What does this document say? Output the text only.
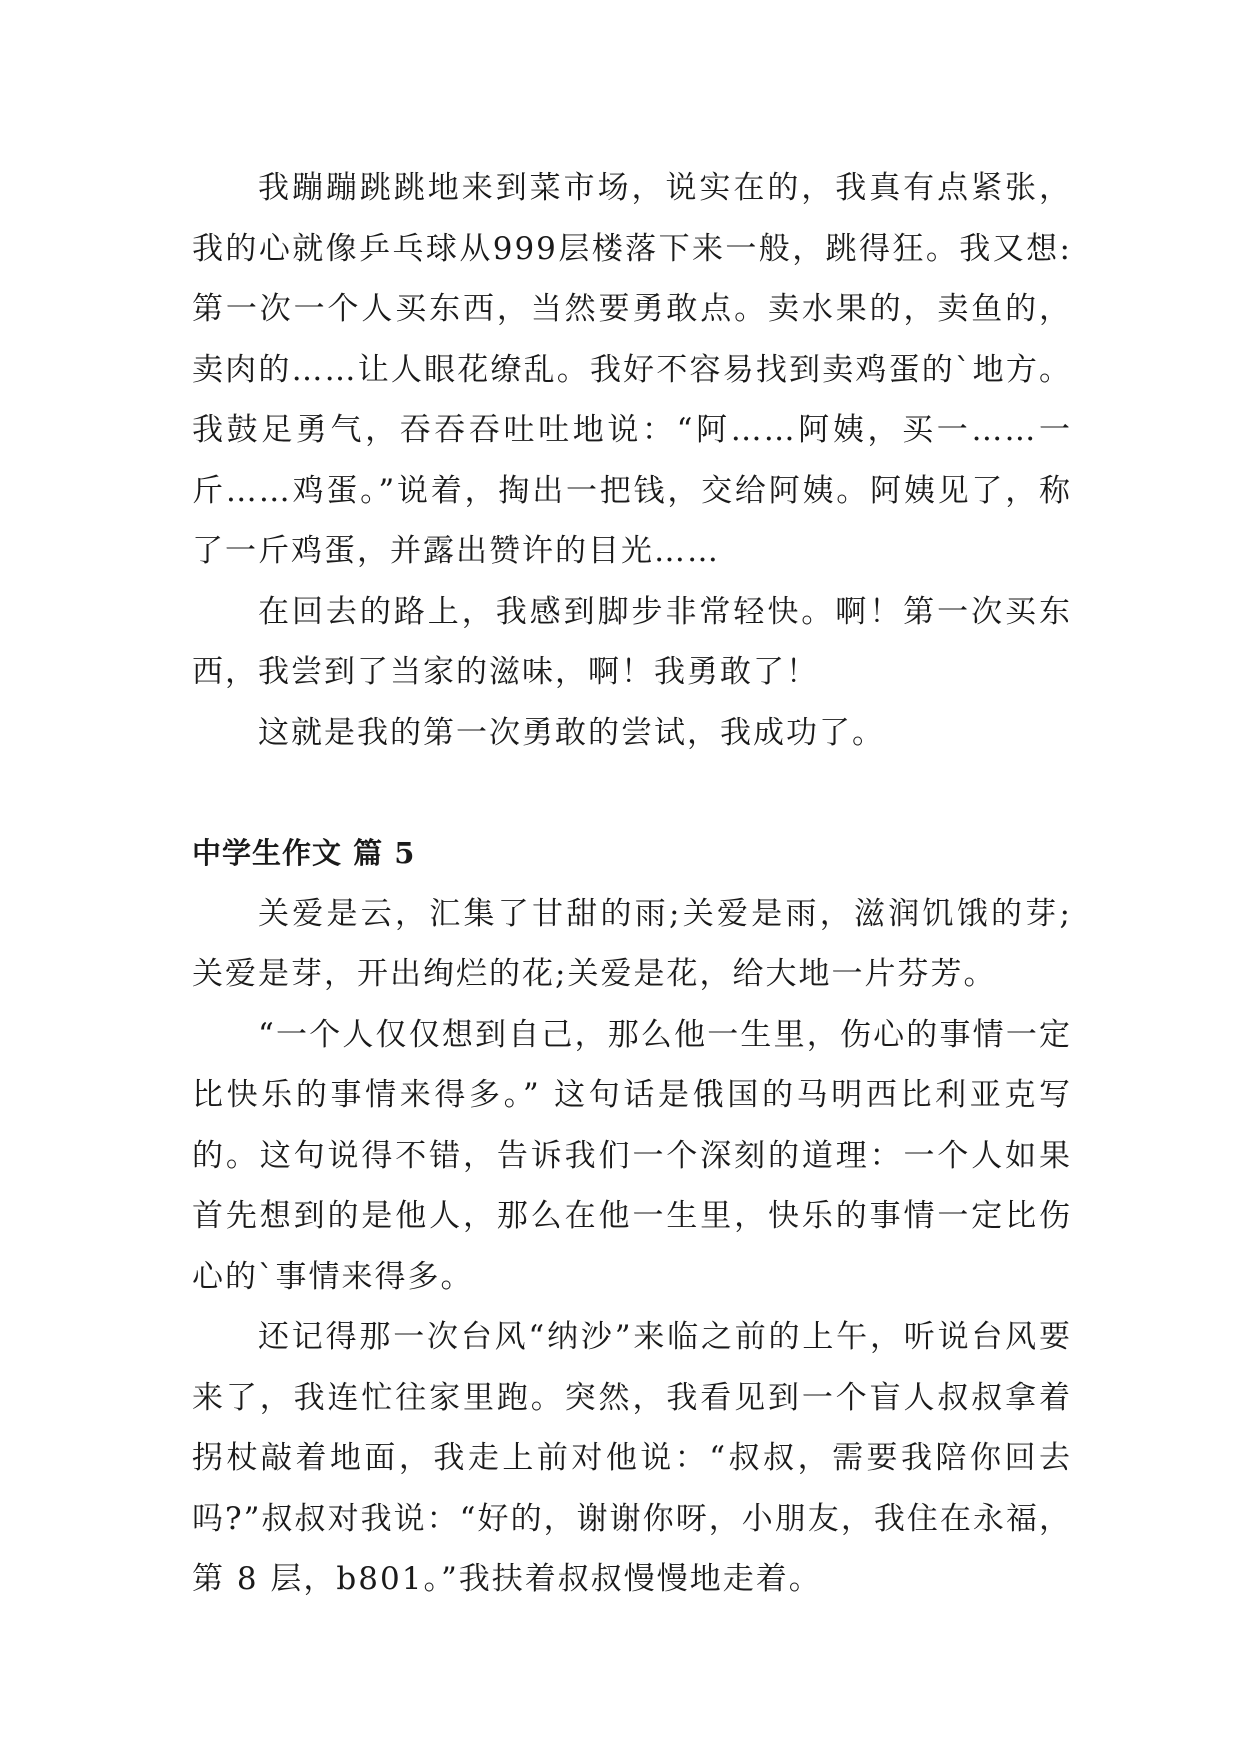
我蹦蹦跳跳地来到菜市场，说实在的，我真有点紧张，我的心就像乒乓球从999层楼落下来一般，跳得狂。我又想:第一次一个人买东西，当然要勇敢点。卖水果的，卖鱼的，卖肉的……让人眼花缭乱。我好不容易找到卖鸡蛋的`地方。我鼓足勇气，吞吞吞吐吐地说：“阿……阿姨，买一……一斤……鸡蛋。”说着，掏出一把钱，交给阿姨。阿姨见了，称了一斤鸡蛋，并露出赞许的目光……

在回去的路上，我感到脚步非常轻快。啊！第一次买东西，我尝到了当家的滋味，啊！我勇敢了！

这就是我的第一次勇敢的尝试，我成功了。

中学生作文 篇 5

关爱是云，汇集了甘甜的雨;关爱是雨，滋润饥饿的芽;关爱是芽，开出绚烂的花;关爱是花，给大地一片芬芳。

“一个人仅仅想到自己，那么他一生里，伤心的事情一定比快乐的事情来得多。” 这句话是俄国的马明西比利亚克写的。这句说得不错，告诉我们一个深刻的道理：一个人如果首先想到的是他人，那么在他一生里，快乐的事情一定比伤心的`事情来得多。

还记得那一次台风“纳沙”来临之前的上午，听说台风要来了，我连忙往家里跑。突然，我看见到一个盲人叔叔拿着拐杖敲着地面，我走上前对他说：“叔叔，需要我陪你回去吗?”叔叔对我说：“好的，谢谢你呀，小朋友，我住在永福，第 8 层，b801。”我扶着叔叔慢慢地走着。
